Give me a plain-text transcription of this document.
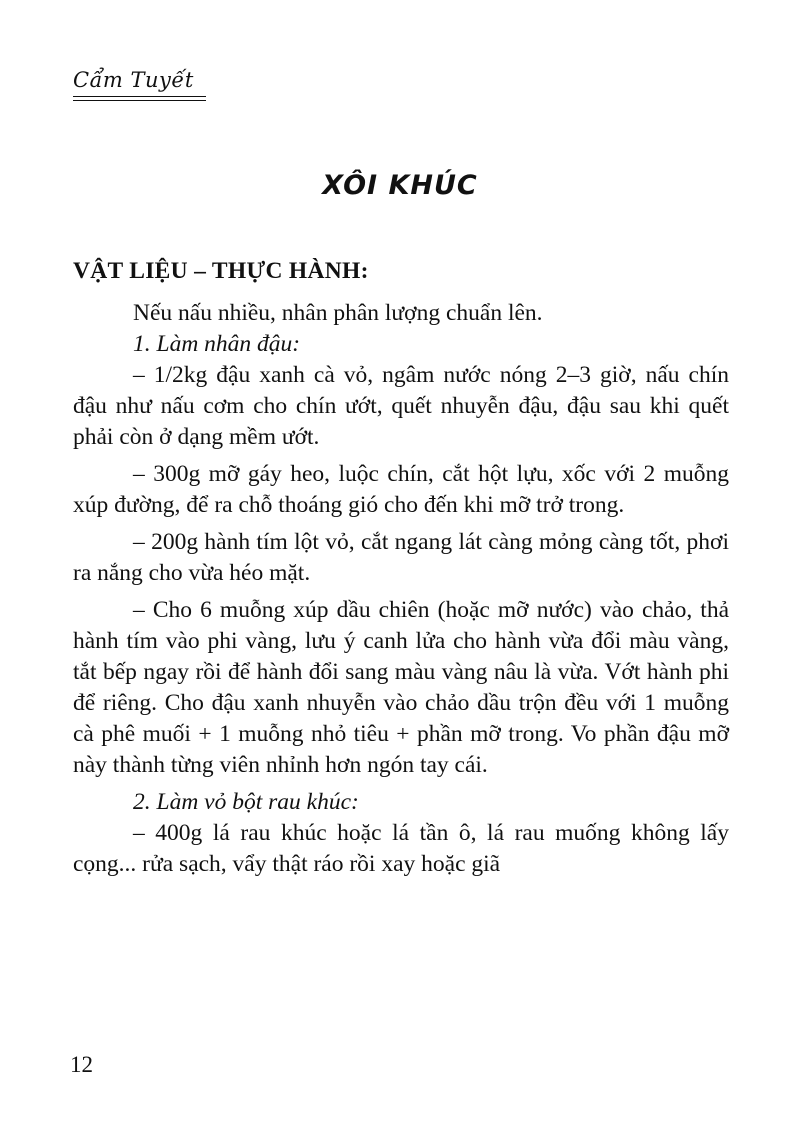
Cẩm Tuyết
XÔI KHÚC
VẬT LIỆU – THỰC HÀNH:

Nếu nấu nhiều, nhân phân lượng chuẩn lên.

1. Làm nhân đậu:

– 1/2kg đậu xanh cà vỏ, ngâm nước nóng 2–3 giờ, nấu chín đậu như nấu cơm cho chín ướt, quết nhuyễn đậu, đậu sau khi quết phải còn ở dạng mềm ướt.

– 300g mỡ gáy heo, luộc chín, cắt hột lựu, xốc với 2 muỗng xúp đường, để ra chỗ thoáng gió cho đến khi mỡ trở trong.

– 200g hành tím lột vỏ, cắt ngang lát càng mỏng càng tốt, phơi ra nắng cho vừa héo mặt.

– Cho 6 muỗng xúp dầu chiên (hoặc mỡ nước) vào chảo, thả hành tím vào phi vàng, lưu ý canh lửa cho hành vừa đổi màu vàng, tắt bếp ngay rồi để hành đổi sang màu vàng nâu là vừa. Vớt hành phi để riêng. Cho đậu xanh nhuyễn vào chảo dầu trộn đều với 1 muỗng cà phê muối + 1 muỗng nhỏ tiêu + phần mỡ trong. Vo phần đậu mỡ này thành từng viên nhỉnh hơn ngón tay cái.

2. Làm vỏ bột rau khúc:

– 400g lá rau khúc hoặc lá tần ô, lá rau muống không lấy cọng... rửa sạch, vẩy thật ráo rồi xay hoặc giã

12
